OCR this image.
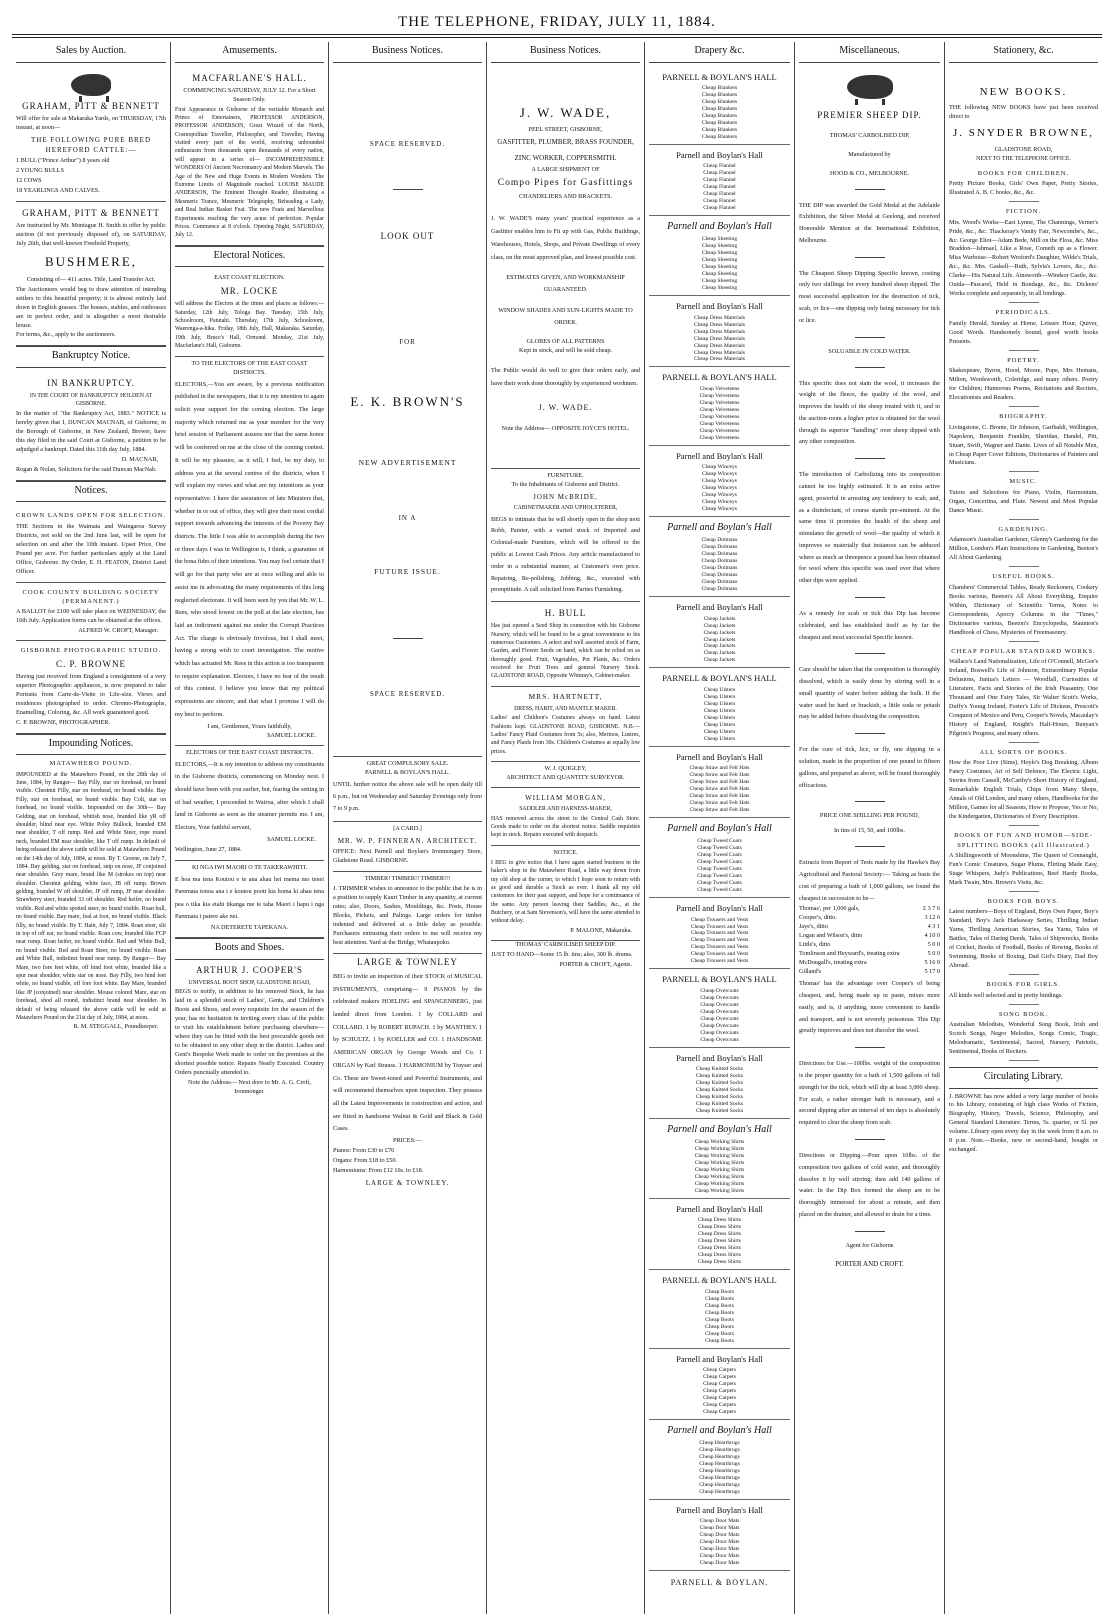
THE TELEPHONE, FRIDAY, JULY 11, 1884.
Sales by Auction.
GRAHAM, PITT & BENNETT
Will offer for sale at Makaraka Yards, on THURSDAY, 17th instant, at noon—
THE FOLLOWING PURE BRED HEREFORD CATTLE:—
1 BULL ("Prince Arthur") 8 years old
2 YOUNG BULLS
12 COWS
18 YEARLINGS AND CALVES.
GRAHAM, PITT & BENNETT
Are instructed by Mr. Montague H. Smith to offer by public auction (if not previously disposed of), on SATURDAY, July 26th, that well-known Freehold Property,
BUSHMERE,
Consisting of— 411 acres. Title, Land Transfer Act.
The Auctioneers would beg to draw attention of intending settlers to this beautiful property; it is almost entirely laid down in English grasses. The houses, stables, and outhouses are in perfect order, and is altogether a most desirable house.
For terms, &c., apply to the auctioneers.
Bankruptcy Notice.
IN BANKRUPTCY.
IN THE COURT OF BANKRUPTCY HOLDEN AT GISBORNE.
In the matter of "the Bankruptcy Act, 1883." NOTICE is hereby given that I, DUNCAN MACNAB, of Gisborne, in the Borough of Gisborne, in New Zealand, Brewer, have this day filed in the said Court at Gisborne, a petition to be adjudged a bankrupt. Dated this 11th day July, 1884.
D. MACNAB,
Rogan & Nolan, Solicitors for the said Duncan MacNab.
Notices.
CROWN LANDS OPEN FOR SELECTION.
THE Sections in the Waimata and Waingaroa Survey Districts, not sold on the 2nd June last, will be open for selection on and after the 10th instant. Upset Price, One Pound per acre. For further particulars apply at the Land Office, Gisborne. By Order, E. H. FEATON, District Land Officer.
COOK COUNTY BUILDING SOCIETY (PERMANENT.)
A BALLOT for £100 will take place on WEDNESDAY, the 16th July. Application forms can be obtained at the offices.
ALFRED W. CROFT, Manager.
GISBORNE PHOTOGRAPHIC STUDIO.
C. P. BROWNE
Having just received from England a consignment of a very superior Photographic appliances, is now prepared to take Portraits from Carte-de-Visite to Life-size. Views and residences photographed to order. Chromo-Photographs, Enamelling, Coloring, &c. All work guaranteed good.
C. P. BROWNE, PHOTOGRAPHER.
Impounding Notices.
MATAWHERO POUND.
IMPOUNDED at the Matawhero Pound, on the 28th day of June, 1884, by Ranger— Bay Filly, star on forehead, no brand visible. Chestnut Filly, star on forehead, no brand visible. Bay Filly, star on forehead, no brand visible. Bay Colt, star on forehead, no brand visible. Impounded on the 30th— Bay Gelding, star on forehead, whitish nose, branded like yR off shoulder, blind near eye. White Poley Bullock, branded EM near shoulder, T off rump. Red and White Steer, rope round neck, branded EM near shoulder, like T off rump. In default of being released the above cattle will be sold at Matawhero Pound on the 14th day of July, 1884, at noon. By T. Greene, on July 7, 1884. Bay gelding, star on forehead, snip on nose, JF conjoined near shoulder. Grey mare, brand like M (strokes on top) near shoulder. Chestnut gelding, white face, JB off rump. Brown gelding, branded W off shoulder, JF off rump, JF near shoulder. Strawberry steer, branded 33 off shoulder. Red heifer, no brand visible. Red and white spotted steer, no brand visible. Roan bull, no brand visible. Bay mare, foal at foot, no brand visible. Black filly, no brand visible. By T. Hain, July 7, 1884. Roan steer, slit in top of off ear, no brand visible. Roan cow, branded like FCP near rump. Roan heifer, no brand visible. Red and White Bull, no brand visible. Red and Roan Steer, no brand visible. Roan and White Bull, indistinct brand near rump. By Ranger— Bay Mare, two fore feet white, off hind foot white, branded like a spur near shoulder, white star on nose. Bay Filly, two hind feet white, no brand visible, off fore foot white. Bay Mare, branded like JP (conjoined) near shoulder. Mouse colored Mare, star on forehead, shod all round, indistinct brand near shoulder. In default of being released the above cattle will be sold at Matawhero Pound on the 21st day of July, 1884, at noon.
R. M. STEGGALL, Poundkeeper.
Amusements.
MACFARLANE'S HALL.
COMMENCING SATURDAY, JULY 12. For a Short Season Only.
First Appearance in Gisborne of the veritable Monarch and Prince of Entertainers, PROFESSOR ANDERSON, PROFESSOR ANDERSON, Great Wizard of the North, Cosmopolitan Traveller, Philosopher, and Traveller, Having visited every part of the world, receiving unbounded enthusiasm from thousands upon thousands of every nation, will appear in a series of— INCOMPREHENSIBLE WONDERS Of Ancient Necromancy and Modern Marvels. The Age of the New and Huge Events in Modern Wonders. The Extreme Limits of Magnitude reached. LOUISE MAUDE ANDERSON, The Eminent Thought Reader, illustrating a Mesmeric Trance, Mesmeric Telegraphy, Beheading a Lady, and Real Indian Basket Feat. The new Feats and Marvellous Experiments reaching the very acme of perfection. Popular Prices. Commence at 8 o'clock. Opening Night, SATURDAY, July 12.
Electoral Notices.
EAST COAST ELECTION.
MR. LOCKE
will address the Electors at the times and places as follows:— Saturday, 12th July, Tologa Bay. Tuesday, 15th July, Schoolroom, Patutahi. Thursday, 17th July, Schoolroom, Waerenga-a-hika. Friday, 18th July, Hall, Makaraka. Saturday, 19th July, Bruce's Hall, Ormond. Monday, 21st July, Macfarlane's Hall, Gisborne.
TO THE ELECTORS OF THE EAST COAST DISTRICTS.
ELECTORS,—You are aware, by a previous notification published in the newspapers, that it is my intention to again solicit your support for the coming election. The large majority which returned me as your member for the very brief session of Parliament assures me that the same honor will be conferred on me at the close of the coming contest. It will be my pleasure, as it will, I feel, be my duty, to address you at the several centres of the districts, when I will explain my views and what are my intentions as your representative. I have the assurances of late Ministers that, whether in or out of office, they will give their most cordial support towards advancing the interests of the Poverty Bay districts. The little I was able to accomplish during the two or three days I was in Wellington is, I think, a guarantee of the bona fides of their intentions. You may feel certain that I will go for that party who are at once willing and able to assist me in advocating the many requirements of this long neglected electorate. It will been seen by you that Mr. W. L. Rees, who stood lowest on the poll at the late election, has laid an indictment against me under the Corrupt Practices Act. The charge is obviously frivolous, but I shall meet, having a strong wish to court investigation. The motive which has actuated Mr. Rees in this action is too transparent to require explanation. Electors, I have no fear of the result of this contest. I believe you know that my political expressions are sincere, and that what I promise I will do my best to perform.
I am, Gentlemen, Yours faithfully,
SAMUEL LOCKE.
ELECTORS OF THE EAST COAST DISTRICTS.
ELECTORS,—It is my intention to address my constituents in the Gisborne districts, commencing on Monday next. I should have been with you earlier, but, fearing the setting in of bad weather, I proceeded to Wairoa, after which I shall land in Gisborne as soon as the steamer permits me. I am, Electors, Your faithful servant,
SAMUEL LOCKE.
Wellington, June 27, 1884.
KI NGA IWI MAORI O TE TAKERAWHITI.
E hoa ma tena Koutou e te ana ahau hei mema mo tenei Paremata tonoa ana i e koutou pooti kia homa ki ahau tena pea o tika kia etahi tikanga me te taha Maori i hapu i nga Paremata i patere ake nei.
NA DETERETE TAPEKANA.
Boots and Shoes.
ARTHUR J. COOPER'S
UNIVERSAL BOOT SHOP, GLADSTONE ROAD,
BEGS to notify, in addition to his removed Stock, he has laid in a splendid stock of Ladies', Gents, and Children's Boots and Shoes, and every requisite for the season of the year, has no hesitation in inviting every class of the public to visit his establishment before purchasing elsewhere—where they can be fitted with the best procurable goods not to be obtained in any other shop in the district. Ladies and Gent's Bespoke Work made to order on the premises at the shortest possible notice. Repairs Neatly Executed. Country Orders punctually attended to.
Note the Address— Next door to Mr. A. G. Croft, Ironmonger.
Business Notices.
SPACE RESERVED.
LOOK OUT
FOR
E. K. BROWN'S
NEW ADVERTISEMENT
IN A
FUTURE ISSUE.
SPACE RESERVED.
GREAT COMPULSORY SALE.
PARNELL & BOYLAN'S HALL.
UNTIL further notice the above sale will be open daily till 6 p.m., but on Wednesday and Saturday Evenings only from 7 to 9 p.m.
[A CARD.]
MR. W. P. FINNERAN. ARCHITECT.
OFFICE: Next Parnell and Boylan's Ironmongery Store, Gladstone Road. GISBORNE.
TIMBER! TIMBER!! TIMBER!!!
J. TRIMMER wishes to announce to the public that he is in a position to supply Kauri Timber in any quantity, at current rates; also, Doors, Sashes, Mouldings, &c. Posts, House Blocks, Pickets, and Palings. Large orders for timber indented and delivered at a little delay as possible. Purchasers entrusting their orders to me will receive my best attention. Yard at the Bridge, Whataupoko.
LARGE & TOWNLEY
BEG to invite an inspection of their STOCK of MUSICAL INSTRUMENTS, comprising— 9 PIANOS by the celebrated makers HOELING and SPANGENBERG, just landed direct from London. 1 by COLLARD and COLLARD. 1 by ROBERT RUPACH. 1 by MANTHEY. 1 by SCHULTZ. 1 by KOELLER and CO. 1 HANDSOME AMERICAN ORGAN by George Woods and Co. 1 ORGAN by Karl Strauss. 1 HARMONIUM by Trayser and Co. These are Sweet-toned and Powerful Instruments, and will recommend themselves upon inspection. They possess all the Latest Improvements in construction and action, and are fitted in handsome Walnut & Gold and Black & Gold Cases.
PRICES:—
Pianos: From £30 to £76
Organs: From £18 to £50.
Harmoniums: From £12 10s. to £18.
LARGE & TOWNLEY.
Business Notices.
J. W. WADE,
PEEL STREET, GISBORNE,
GASFITTER, PLUMBER, BRASS FOUNDER, ZINC WORKER, COPPERSMITH.
A LARGE SHIPMENT OF
Compo Pipes for Gasfittings
CHANDELIERS AND BRACKETS.
J. W. WADE'S many years' practical experience as a Gasfitter enables him to Fit up with Gas, Public Buildings, Warehouses, Hotels, Shops, and Private Dwellings of every class, on the most approved plan, and lowest possible cost.
ESTIMATES GIVEN, AND WORKMANSHIP GUARANTEED.
WINDOW SHADES AND SUN-LIGHTS MADE TO ORDER.
GLOBES OF ALL PATTERNS
Kept in stock, and will be sold cheap.
The Public would do well to give their orders early, and have their work done thoroughly by experienced workmen.
J. W. WADE.
Note the Address— OPPOSITE JOYCE'S HOTEL.
FURNITURE.
To the Inhabitants of Gisborne and District.
JOHN McBRIDE,
CABINETMAKER AND UPHOLSTERER,
BEGS to intimate that he will shortly open in the shop next Robb, Painter, with a varied stock of Imported and Colonial-made Furniture, which will be offered to the public at Lowest Cash Prices. Any article manufactured to order in a substantial manner, at Customer's own price. Repairing, Re-polishing, Jobbing, &c., executed with promptitude. A call solicited from Parties Furnishing.
H. BULL
Has just opened a Seed Shop in connection with his Gisborne Nursery, which will be found to be a great convenience to his numerous Customers. A select and well assorted stock of Farm, Garden, and Flower Seeds on hand, which can be relied on as thoroughly good. Fruit, Vegetables, Pot Plants, &c. Orders received for Fruit Trees and general Nursery Stock. GLADSTONE ROAD, Opposite Whinray's, Cabinet-maker.
MRS. HARTNETT,
DRESS, HABIT, AND MANTLE MAKER.
Ladies' and Children's Costumes always on hand. Latest Fashions kept. GLADSTONE ROAD, GISBORNE. N.B.—Ladies' Fancy Plaid Costumes from 5s; also, Merinos, Lustres, and Fancy Plaids from 30s. Children's Costumes at equally low prices.
W. J. QUIGLEY,
ARCHITECT AND QUANTITY SURVEYOR.
WILLIAM MORGAN,
SADDLER AND HARNESS-MAKER,
HAS removed across the street to the Central Cash Store. Goods made to order on the shortest notice. Saddle requisites kept in stock. Repairs executed with despatch.
NOTICE.
I BEG to give notice that I have again started business in the baker's shop in the Matawhero Road, a little way down from my old shop at the corner, to which I hope soon to return with as good and durable a Stock as ever. I thank all my old customers for their past support, and hope for a continuance of the same. Any person leaving their Saddles, &c., at the Butchery, or at Sam Stevenson's, will have the same attended to without delay.
P. MALONE, Makaraka.
THOMAS' CARBOLISED SHEEP DIP.
JUST TO HAND—Some 15 lb. tins; also, 300 lb. drums.
PORTER & CROFT, Agents.
Drapery &c.
PARNELL & BOYLAN'S HALL
Cheap Blankets
Cheap Blankets
Cheap Blankets
Cheap Blankets
Cheap Blankets
Cheap Blankets
Cheap Blankets
Cheap Blankets
Parnell and Boylan's Hall
Cheap Flannel
Cheap Flannel
Cheap Flannel
Cheap Flannel
Cheap Flannel
Cheap Flannel
Cheap Flannel
Parnell and Boylan's Hall
Cheap Sheeting
Cheap Sheeting
Cheap Sheeting
Cheap Sheeting
Cheap Sheeting
Cheap Sheeting
Cheap Sheeting
Cheap Sheeting
Parnell and Boylan's Hall
Cheap Dress Materials
Cheap Dress Materials
Cheap Dress Materials
Cheap Dress Materials
Cheap Dress Materials
Cheap Dress Materials
Cheap Dress Materials
PARNELL & BOYLAN'S HALL
Cheap Velveteens
Cheap Velveteens
Cheap Velveteens
Cheap Velveteens
Cheap Velveteens
Cheap Velveteens
Cheap Velveteens
Cheap Velveteens
Parnell and Boylan's Hall
Cheap Winceys
Cheap Winceys
Cheap Winceys
Cheap Winceys
Cheap Winceys
Cheap Winceys
Cheap Winceys
Parnell and Boylan's Hall
Cheap Dolmans
Cheap Dolmans
Cheap Dolmans
Cheap Dolmans
Cheap Dolmans
Cheap Dolmans
Cheap Dolmans
Cheap Dolmans
Parnell and Boylan's Hall
Cheap Jackets
Cheap Jackets
Cheap Jackets
Cheap Jackets
Cheap Jackets
Cheap Jackets
Cheap Jackets
PARNELL & BOYLAN'S HALL
Cheap Ulsters
Cheap Ulsters
Cheap Ulsters
Cheap Ulsters
Cheap Ulsters
Cheap Ulsters
Cheap Ulsters
Cheap Ulsters
Parnell and Boylan's Hall
Cheap Straw and Felt Hats
Cheap Straw and Felt Hats
Cheap Straw and Felt Hats
Cheap Straw and Felt Hats
Cheap Straw and Felt Hats
Cheap Straw and Felt Hats
Cheap Straw and Felt Hats
Parnell and Boylan's Hall
Cheap Tweed Coats
Cheap Tweed Coats
Cheap Tweed Coats
Cheap Tweed Coats
Cheap Tweed Coats
Cheap Tweed Coats
Cheap Tweed Coats
Cheap Tweed Coats
Parnell and Boylan's Hall
Cheap Trousers and Vests
Cheap Trousers and Vests
Cheap Trousers and Vests
Cheap Trousers and Vests
Cheap Trousers and Vests
Cheap Trousers and Vests
Cheap Trousers and Vests
PARNELL & BOYLAN'S HALL
Cheap Overcoats
Cheap Overcoats
Cheap Overcoats
Cheap Overcoats
Cheap Overcoats
Cheap Overcoats
Cheap Overcoats
Cheap Overcoats
Parnell and Boylan's Hall
Cheap Knitted Socks
Cheap Knitted Socks
Cheap Knitted Socks
Cheap Knitted Socks
Cheap Knitted Socks
Cheap Knitted Socks
Cheap Knitted Socks
Parnell and Boylan's Hall
Cheap Working Shirts
Cheap Working Shirts
Cheap Working Shirts
Cheap Working Shirts
Cheap Working Shirts
Cheap Working Shirts
Cheap Working Shirts
Cheap Working Shirts
Parnell and Boylan's Hall
Cheap Dress Shirts
Cheap Dress Shirts
Cheap Dress Shirts
Cheap Dress Shirts
Cheap Dress Shirts
Cheap Dress Shirts
Cheap Dress Shirts
PARNELL & BOYLAN'S HALL
Cheap Boots
Cheap Boots
Cheap Boots
Cheap Boots
Cheap Boots
Cheap Boots
Cheap Boots
Cheap Boots
Parnell and Boylan's Hall
Cheap Carpets
Cheap Carpets
Cheap Carpets
Cheap Carpets
Cheap Carpets
Cheap Carpets
Cheap Carpets
Parnell and Boylan's Hall
Cheap Hearthrugs
Cheap Hearthrugs
Cheap Hearthrugs
Cheap Hearthrugs
Cheap Hearthrugs
Cheap Hearthrugs
Cheap Hearthrugs
Cheap Hearthrugs
Parnell and Boylan's Hall
Cheap Door Mats
Cheap Door Mats
Cheap Door Mats
Cheap Door Mats
Cheap Door Mats
Cheap Door Mats
Cheap Door Mats
PARNELL & BOYLAN.
Miscellaneous.
PREMIER SHEEP DIP.
THOMAS' CARBOLISED DIP,
Manufactured by
HOOD & CO., MELBOURNE.
THE DIP was awarded the Gold Medal at the Adelaide Exhibition, the Silver Medal at Geelong, and received Honorable Mention at the International Exhibition, Melbourne.
The Cheapest Sheep Dipping Specific known, costing only two shillings for every hundred sheep dipped. The most successful application for the destruction of tick, scab, or lice—one dipping only being necessary for tick or lice.
SOLUABLE IN COLD WATER.
This specific does not stain the wool, it increases the weight of the fleece, the quality of the wool, and improves the health of the sheep treated with it, and in the auction-room a higher price is obtained for the wool through its superior "handling" over sheep dipped with any other composition.
The introduction of Carbolizing into its composition cannot be too highly estimated. It is an extra active agent, powerful in arresting any tendency to scab, and, as a disinfectant, of course stands pre-eminent. At the same time it promotes the health of the sheep and stimulates the growth of wool—the quality of which it improves so materially that instances can be adduced where as much as threepence a pound has been obtained for wool where this specific was used over that where other dips were applied.
As a remedy for scab or tick this Dip has become celebrated, and has established itself as by far the cheapest and most successful Specific known.
Care should be taken that the composition is thoroughly dissolved, which is easily done by stirring well in a small quantity of water before adding the bulk. If the water used be hard or brackish, a little soda or potash may be added before dissolving the composition.
For the cure of tick, lice, or fly, one dipping in a solution, made in the proportion of one pound to fifteen gallons, and prepared as above, will be found thoroughly efficacious.
PRICE ONE SHILLING PER POUND,
In tins of 15, 50, and 100lbs.
Extracts from Report of Tests made by the Hawke's Bay Agricultural and Pastoral Society:— Taking as basis the cost of preparing a bath of 1,000 gallons, we found the cheapest in succession to be—
Thomas', per 1,000 gals,	£ 3 7 6
Cooper's, ditto.	3 12 6
Jaye's, ditto	4 3 1
Logan and Wilson's, ditto	4 10 0
Little's, ditto	5 0 0
Tomlinson and Heyward's, treating extra	5 0 0
McDougall's, treating extra	5 16 0
Gilland's	5 17 0
Thomas' has the advantage over Cooper's of being cheapest, and, being made up in paste, mixes more easily, and is, if anything, more convenient to handle and transport, and is not severely poisonous. This Dip greatly improves and does not discolor the wool.
Directions for Use.—100lbs. weight of the composition is the proper quantity for a bath of 1,500 gallons of full strength for the tick, which will dip at least 3,000 sheep. For scab, a rather stronger bath is necessary, and a second dipping after an interval of ten days is absolutely required to clear the sheep from scab.
Directions or Dipping.—Pour upon 10lbs. of the composition two gallons of cold water, and thoroughly dissolve it by well stirring; then add 140 gallons of water. In the Dip Box formed the sheep are to be thoroughly immersed for about a minute, and then placed on the drainer, and allowed to drain for a time.
Agent for Gisborne
PORTER AND CROFT.
Stationery, &c.
NEW BOOKS.
THE following NEW BOOKS have just been received direct to
J. SNYDER BROWNE,
GLADSTONE ROAD,
NEXT TO THE TELEPHONE OFFICE.
BOOKS FOR CHILDREN.
Pretty Picture Books, Girls' Own Paper, Pretty Stories, Illustrated A. B. C books, &c., &c.
FICTION.
Mrs. Wood's Works—East Lynne, The Channings, Verner's Pride, &c., &c. Thackeray's Vanity Fair, Newcombe's, &c., &c. George Eliot—Adam Bede, Mill on the Floss, &c. Miss Braddon—Ishmael, Like a Rose, Cometh up as a Flower. Miss Warboise—Robert Wreford's Daughter, Wilde's Trials, &c., &c. Mrs. Gaskell—Ruth, Sylvia's Lovers, &c., &c. Clarke—His Natural Life. Ainsworth—Windsor Castle, &c. Ouida—Pascarel, Held in Bondage, &c., &c. Dickens' Works complete and separately, in all bindings.
PERIODICALS.
Family Herald, Sunday at Home, Leisure Hour, Quiver, Good Words. Handsomely bound, good worth books Presents.
POETRY.
Shakespeare, Byron, Hood, Moore, Pope, Mrs Hemans, Milton, Wordsworth, Coleridge, and many others. Poetry for Children; Humorous Poems, Recitations and Reciters, Elocutionists and Readers.
BIOGRAPHY.
Livingstone, C. Bronte, Dr Johnson, Garibaldi, Wellington, Napoleon, Benjamin Franklin, Sheridan, Handel, Pitt, Stuart, Swift, Wagner and Dante. Lives of all Notable Men, in Cheap Paper Cover Editions, Dictionaries of Painters and Musicians.
MUSIC.
Tutors and Selections for Piano, Violin, Harmonium, Organ, Concertina, and Flute. Newest and Most Popular Dance Music.
GARDENING.
Adamson's Australian Gardener, Glenny's Gardening for the Million, London's Plain Instructions in Gardening, Beeton's All About Gardening.
USEFUL BOOKS.
Chambers' Commercial Tables, Ready Reckoners, Cookery Books various, Beeton's All About Everything, Enquire Within, Dictionary of Scientific Terms, Notes to Correspondents, Apocry Columns in the "Times," Dictionaries various, Beeton's Encyclopedia, Staunton's Handbook of Chess, Mysteries of Freemasonry.
CHEAP POPULAR STANDARD WORKS.
Wallace's Land Nationalization, Life of O'Connell, McGee's Ireland, Boswell's Life of Johnson, Extraordinary Popular Delusions, Junius's Letters — Woodfall, Curiosities of Literature, Facts and Stories of the Irish Peasantry, One Thousand and One Fairy Tales, Sir Walter Scott's Works, Duffy's Young Ireland, Foster's Life of Dickens, Prescott's Conquest of Mexico and Peru, Cooper's Novels, Macaulay's History of England, Knight's Half-Hours, Bunyan's Pilgrim's Progress, and many others.
ALL SORTS OF BOOKS.
How the Poor Live (Sims), Hoyle's Dog Breaking, Album Fancy Costumes, Art of Self Defence, The Electric Light, Stories from Cassell, McCarthy's Short History of England, Remarkable English Trials, Chips from Many Shops, Annals of Old London, and many others, Handbooks for the Million, Games for all Seasons, How to Propose, Yes or No, the Kindergarten, Dictionaries of Every Description.
BOOKS OF FUN AND HUMOR—SIDE-SPLITTING BOOKS (all Illustrated.)
A Shillingsworth of Moonshine, The Queen of Connaught, Fun's Comic Creatures, Sugar Plums, Flirting Made Easy, Stage Whispers, Judy's Publications, Beef Hardy Books, Mark Twain, Mrs. Brown's Visits, &c.
BOOKS FOR BOYS.
Latest numbers—Boys of England, Boys Own Paper, Boy's Standard, Boy's Jack Harkaway Series, Thrilling Indian Yarns, Thrilling American Stories, Sea Yarns, Tales of Battles, Tales of Daring Deeds, Tales of Shipwrecks, Books of Cricket, Books of Football, Books of Rowing, Books of Swimming, Books of Boxing, Dad Girl's Diary, Dad Boy Abroad.
BOOKS FOR GIRLS.
All kinds well selected and in pretty bindings.
SONG BOOK.
Australian Melodists, Wonderful Song Book, Irish and Scotch Songs, Negro Melodies, Songs Comic, Tragic, Melodramatic, Sentimental, Sacred, Nursery, Patriotic, Sentimental, Books of Reciters.
Circulating Library.
J. BROWNE has now added a very large number of books to his Library, consisting of high class Works of Fiction, Biography, History, Travels, Science, Philosophy, and General Standard Literature. Terms, 5s. quarter, or 5l. per volume. Library open every day in the week from 8 a.m. to 8 p.m. Note.—Books, new or second-hand, bought or exchanged.
